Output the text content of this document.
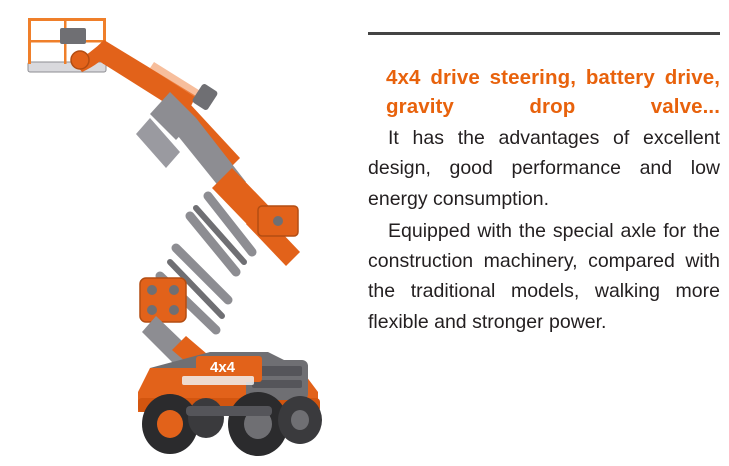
4x4

4x4 drive steering, battery drive, gravity drop valve...

It has the advantages of excellent design, good performance and low energy consumption.

Equipped with the special axle for the construction machinery, compared with the traditional models, walking more flexible and stronger power.
